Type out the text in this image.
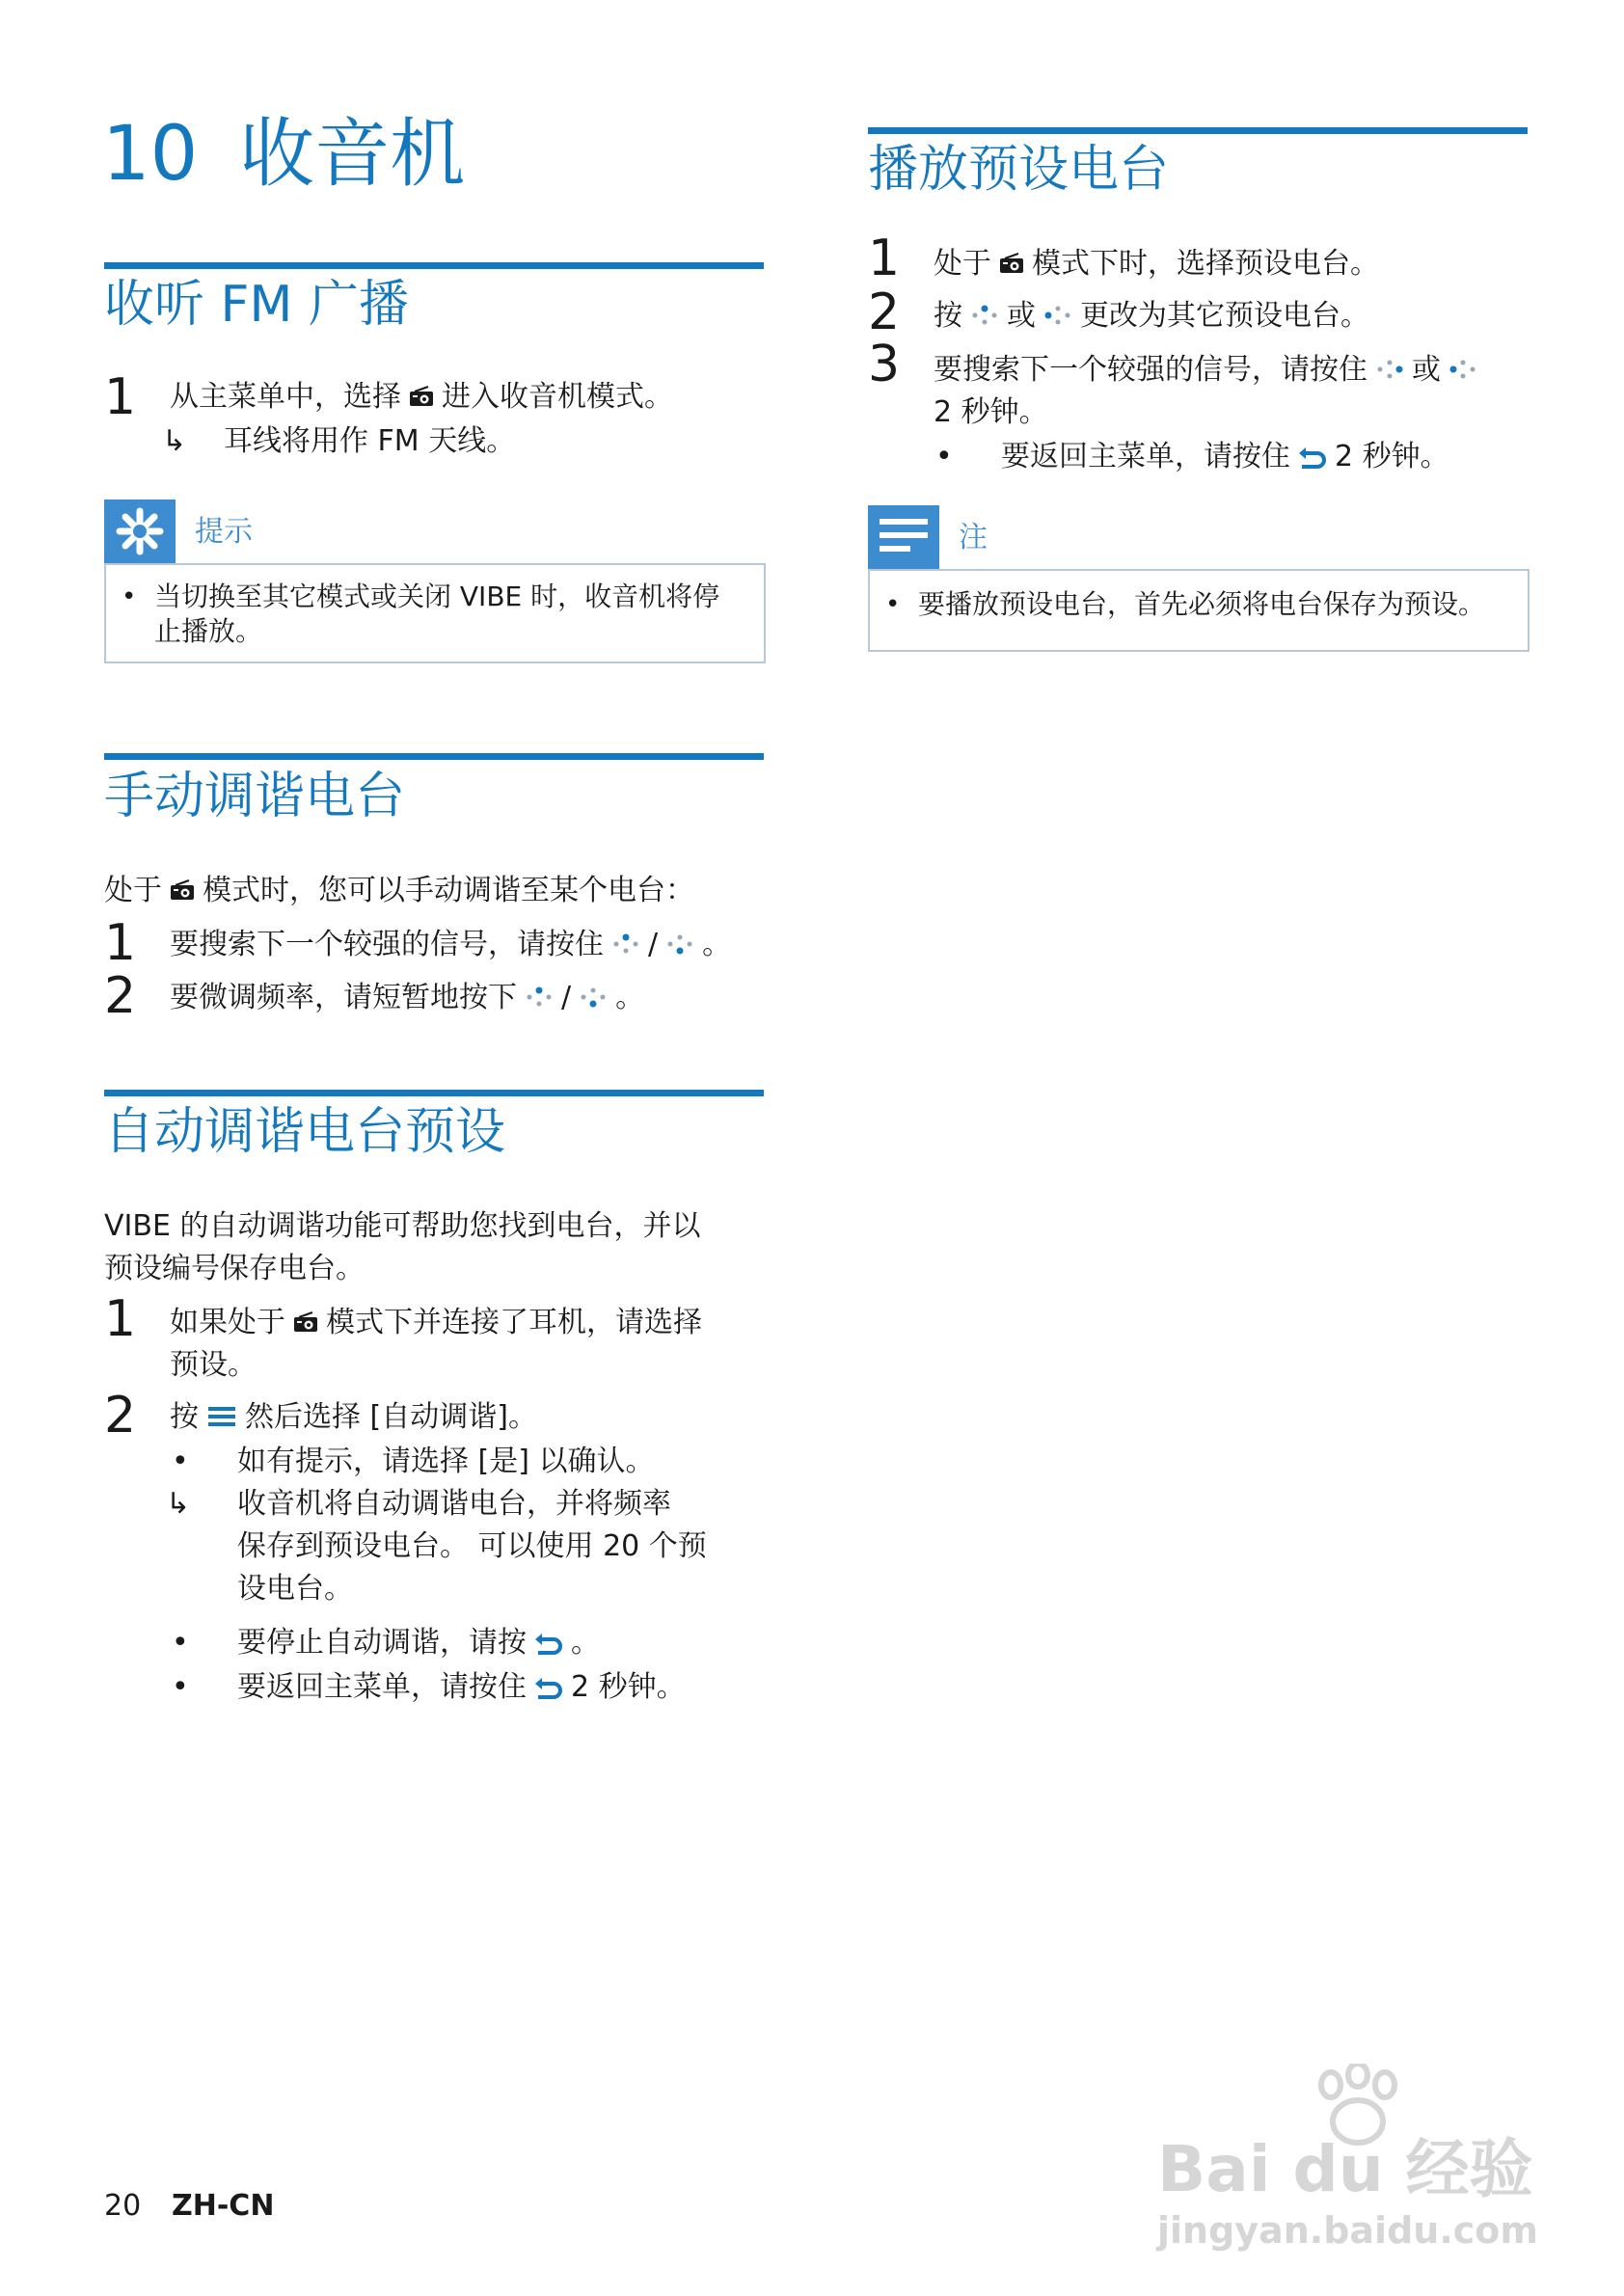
10 收音机
收听 FM 广播
1 从主菜单中，选择 进入收音机模式。
↳ 耳线将用作 FM 天线。
提示
• 当切换至其它模式或关闭 VIBE 时，收音机将停
止播放。
手动调谐电台
处于 模式时，您可以手动调谐至某个电台：
1 要搜索下一个较强的信号，请按住 / 。
2 要微调频率，请短暂地按下 / 。
自动调谐电台预设
VIBE 的自动调谐功能可帮助您找到电台，并以
预设编号保存电台。
1 如果处于 模式下并连接了耳机，请选择
预设。
2 按 然后选择 [自动调谐]。
• 如有提示，请选择 [是] 以确认。
↳ 收音机将自动调谐电台，并将频率
保存到预设电台。 可以使用 20 个预
设电台。
• 要停止自动调谐，请按 。
• 要返回主菜单，请按住 2 秒钟。
播放预设电台
1 处于 模式下时，选择预设电台。
2 按 或 更改为其它预设电台。
3 要搜索下一个较强的信号，请按住 或
2 秒钟。
• 要返回主菜单，请按住 2 秒钟。
注
• 要播放预设电台，首先必须将电台保存为预设。
20 ZH-CN	Bai du 经验
jingyan.baidu.com
